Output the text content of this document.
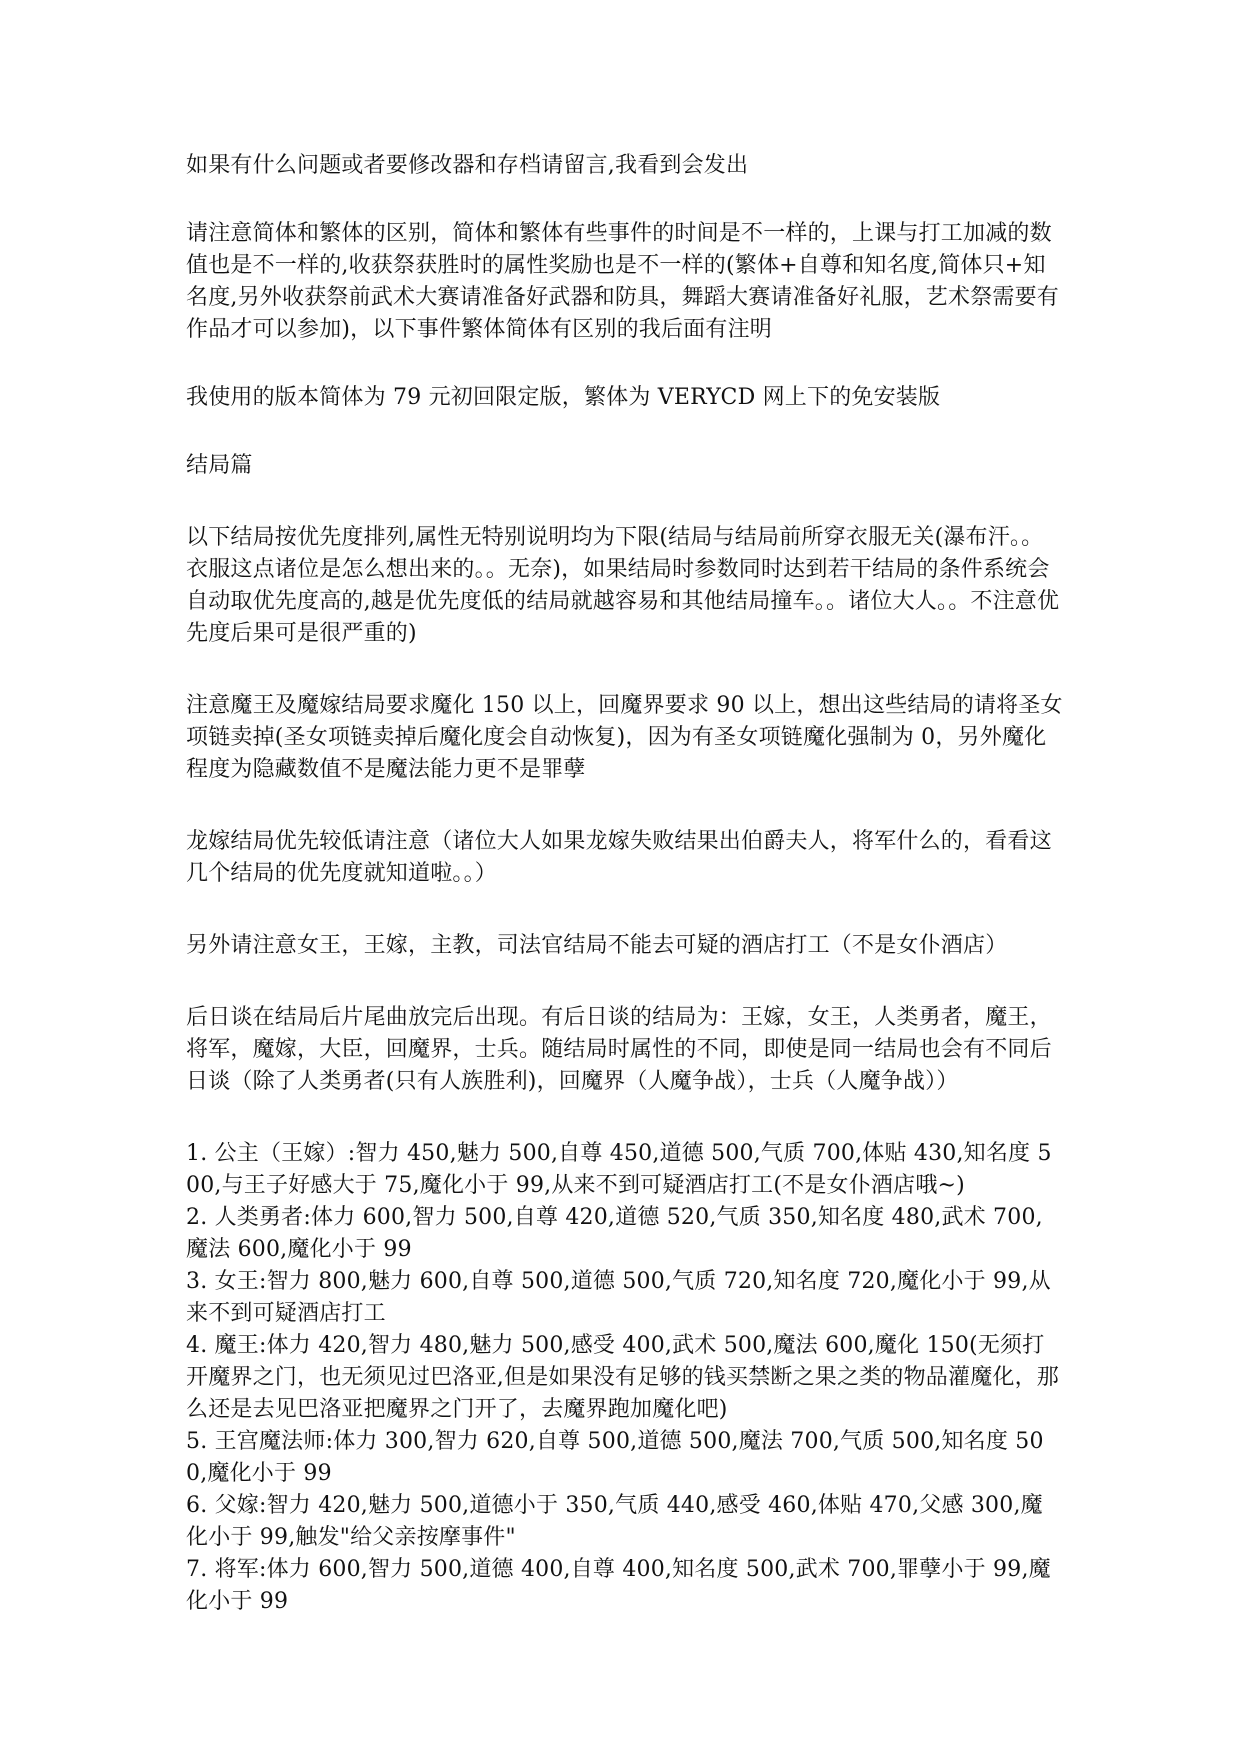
如果有什么问题或者要修改器和存档请留言,我看到会发出

请注意简体和繁体的区别，简体和繁体有些事件的时间是不一样的，上课与打工加减的数值也是不一样的,收获祭获胜时的属性奖励也是不一样的(繁体+自尊和知名度,简体只+知名度,另外收获祭前武术大赛请准备好武器和防具，舞蹈大赛请准备好礼服，艺术祭需要有作品才可以参加)，以下事件繁体简体有区别的我后面有注明

我使用的版本简体为 79 元初回限定版，繁体为 VERYCD 网上下的免安装版

结局篇

以下结局按优先度排列,属性无特别说明均为下限(结局与结局前所穿衣服无关(瀑布汗。。衣服这点诸位是怎么想出来的。。无奈)，如果结局时参数同时达到若干结局的条件系统会自动取优先度高的,越是优先度低的结局就越容易和其他结局撞车。。诸位大人。。不注意优先度后果可是很严重的)

注意魔王及魔嫁结局要求魔化 150 以上，回魔界要求 90 以上，想出这些结局的请将圣女项链卖掉(圣女项链卖掉后魔化度会自动恢复)，因为有圣女项链魔化强制为 0，另外魔化程度为隐藏数值不是魔法能力更不是罪孽

龙嫁结局优先较低请注意（诸位大人如果龙嫁失败结果出伯爵夫人，将军什么的，看看这几个结局的优先度就知道啦。。）

另外请注意女王，王嫁，主教，司法官结局不能去可疑的酒店打工（不是女仆酒店）

后日谈在结局后片尾曲放完后出现。有后日谈的结局为：王嫁，女王，人类勇者，魔王，将军，魔嫁，大臣，回魔界，士兵。随结局时属性的不同，即使是同一结局也会有不同后日谈（除了人类勇者(只有人族胜利)，回魔界（人魔争战），士兵（人魔争战））

1. 公主（王嫁）:智力 450,魅力 500,自尊 450,道德 500,气质 700,体贴 430,知名度 500,与王子好感大于 75,魔化小于 99,从来不到可疑酒店打工(不是女仆酒店哦~)

2. 人类勇者:体力 600,智力 500,自尊 420,道德 520,气质 350,知名度 480,武术 700,魔法 600,魔化小于 99

3. 女王:智力 800,魅力 600,自尊 500,道德 500,气质 720,知名度 720,魔化小于 99,从来不到可疑酒店打工

4. 魔王:体力 420,智力 480,魅力 500,感受 400,武术 500,魔法 600,魔化 150(无须打开魔界之门，也无须见过巴洛亚,但是如果没有足够的钱买禁断之果之类的物品灌魔化，那么还是去见巴洛亚把魔界之门开了，去魔界跑加魔化吧)

5. 王宫魔法师:体力 300,智力 620,自尊 500,道德 500,魔法 700,气质 500,知名度 500,魔化小于 99

6. 父嫁:智力 420,魅力 500,道德小于 350,气质 440,感受 460,体贴 470,父感 300,魔化小于 99,触发"给父亲按摩事件"

7. 将军:体力 600,智力 500,道德 400,自尊 400,知名度 500,武术 700,罪孽小于 99,魔化小于 99
